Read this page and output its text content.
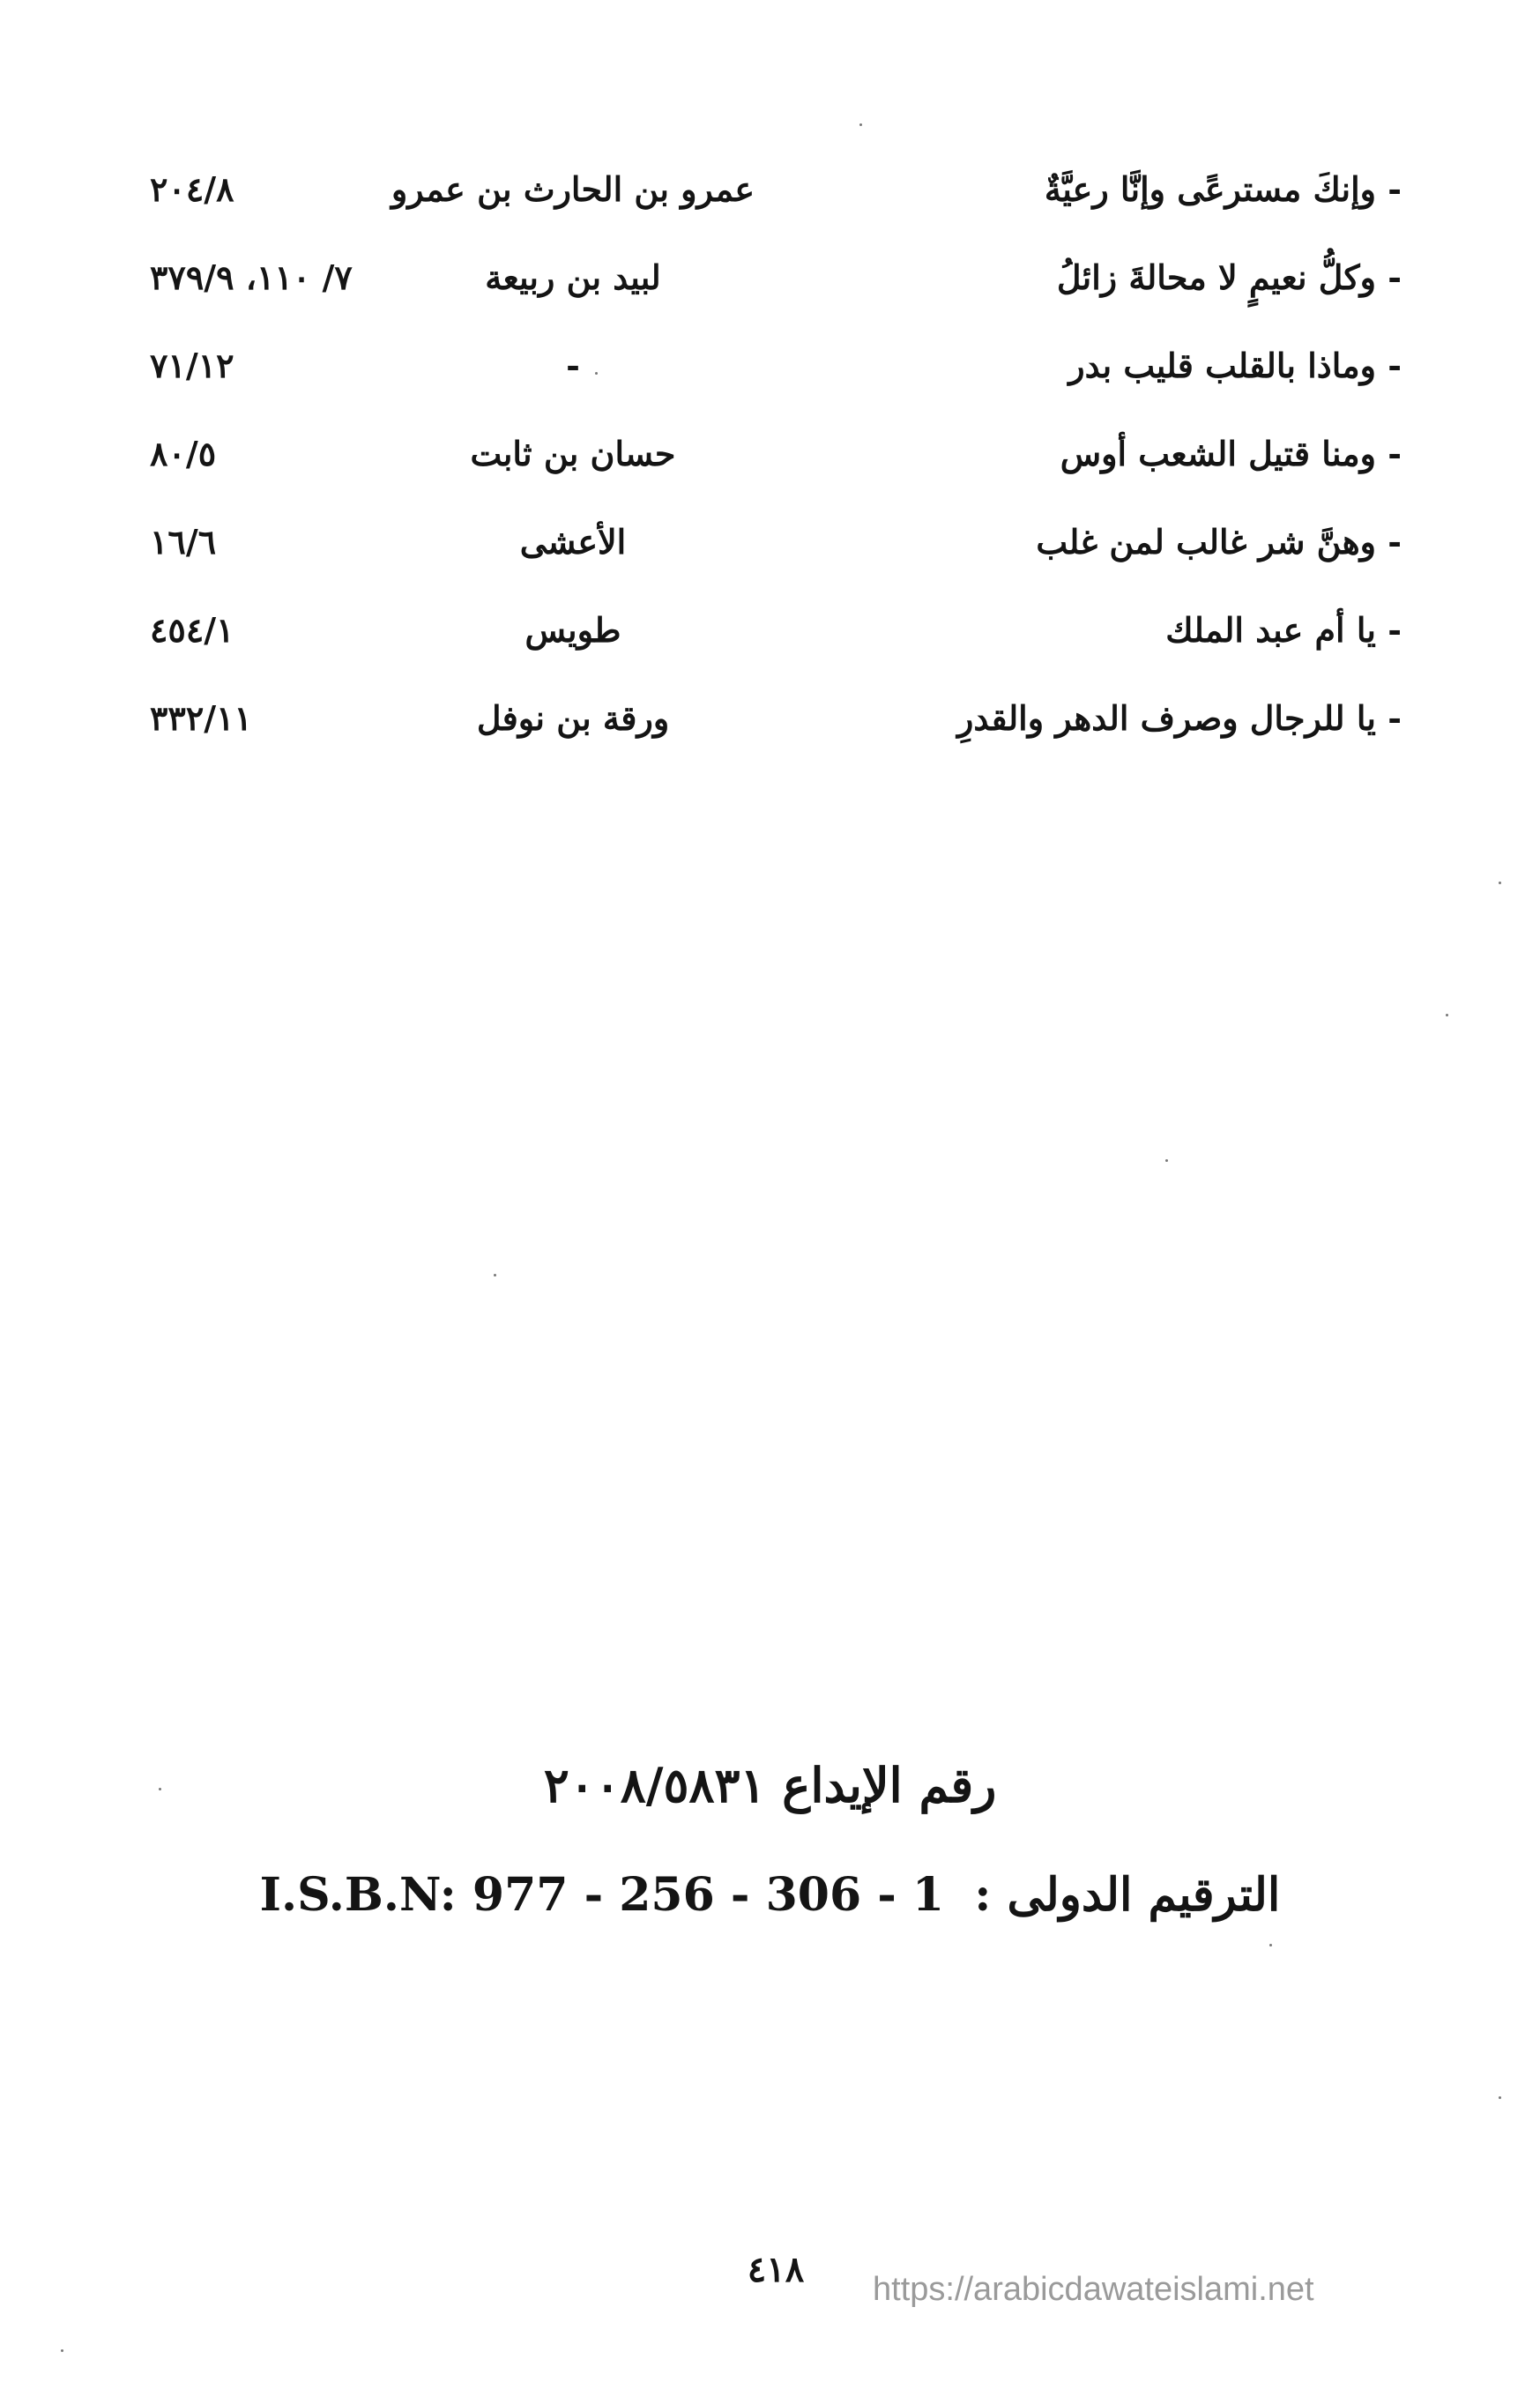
- وإنكَ مسترعًى وإنَّا رعيَّةٌ
عمرو بن الحارث بن عمرو
٢٠٤/٨
- وكلُّ نعيمٍ لا محالةَ زائلُ
لبيد بن ربيعة
٧/ ١١٠، ٣٧٩/٩
- وماذا بالقلب قليب بدر
-
٧١/١٢
- ومنا قتيل الشعب أوس
حسان بن ثابت
٨٠/٥
- وهنَّ شر غالب لمن غلب
الأعشى
١٦/٦
- يا أم عبد الملك
طويس
٤٥٤/١
- يا للرجال وصرف الدهر والقدرِ
ورقة بن نوفل
٣٣٢/١١
رقم الإيداع ٢٠٠٨/٥٨٣١
الترقيم الدولى : I.S.B.N: 977 - 256 - 306 - 1
٤١٨	https://arabicdawateislami.net
